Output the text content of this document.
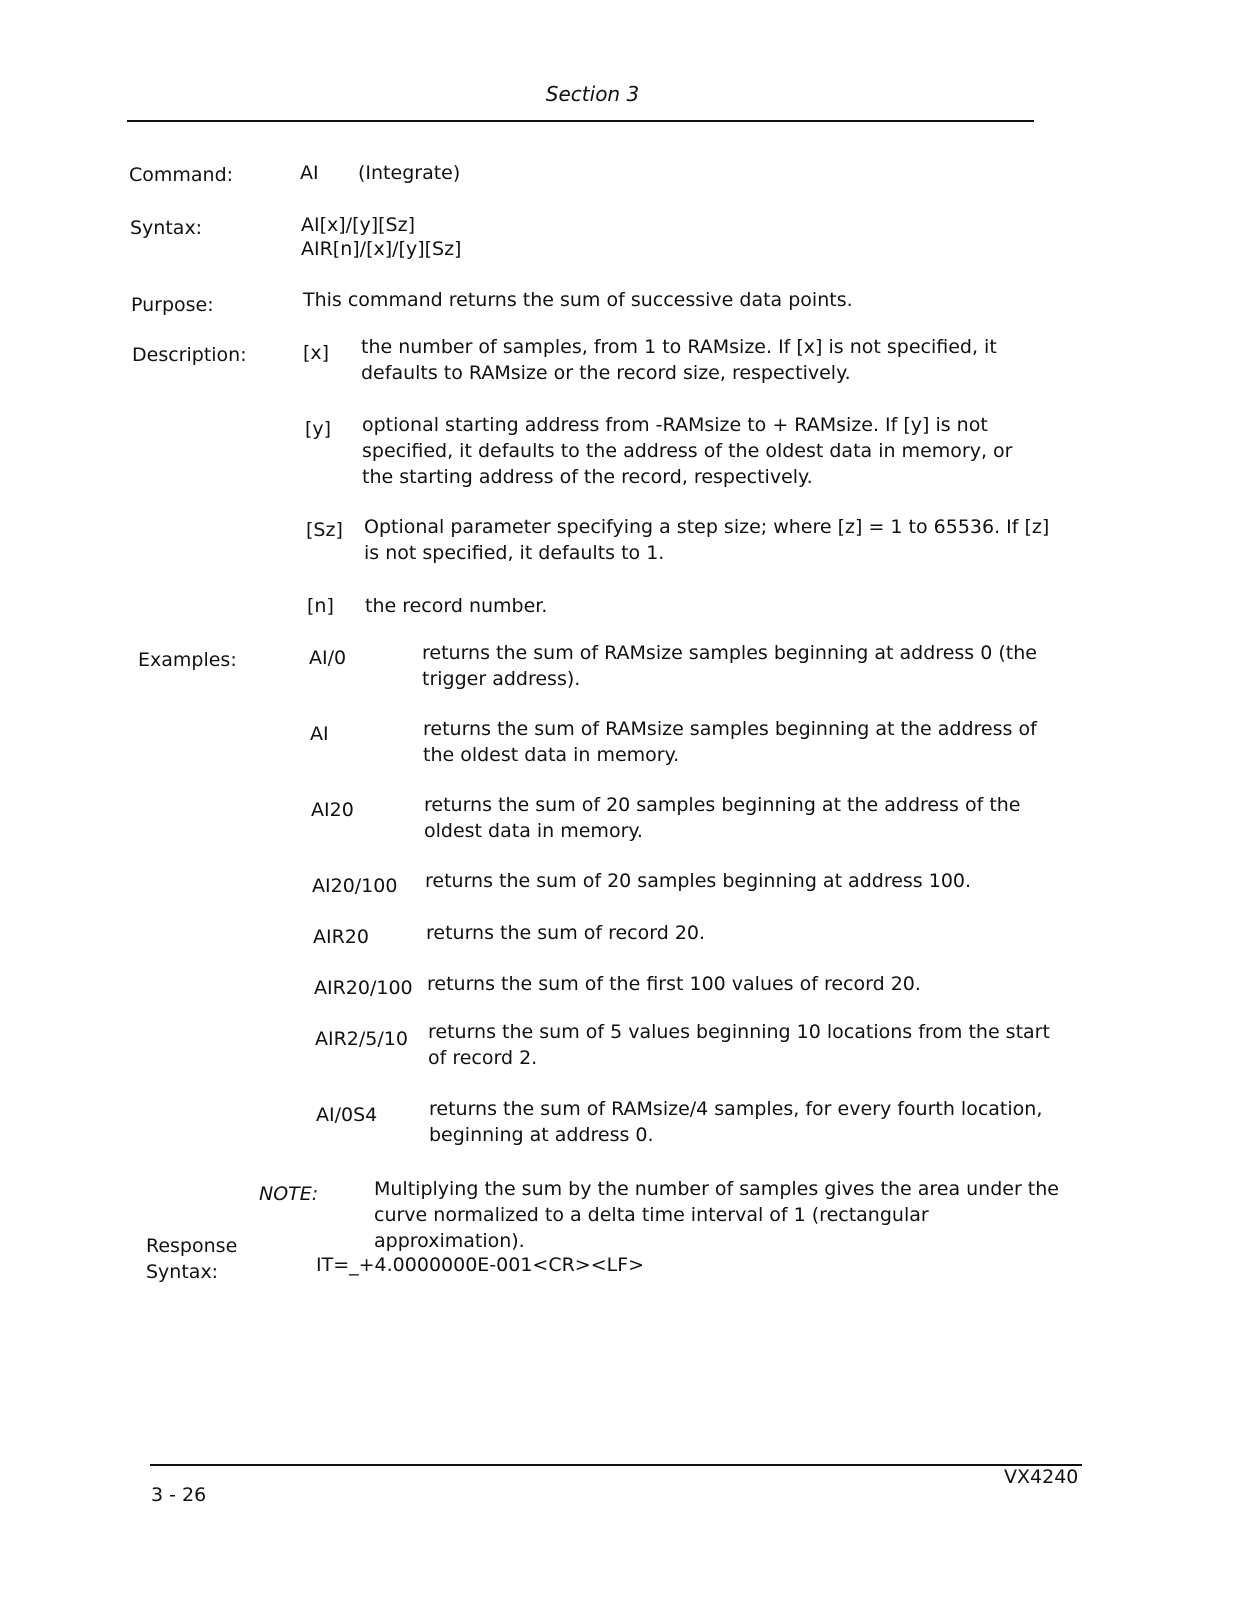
Section 3
Command:	AI (Integrate)
Syntax:	AI[x]/[y][Sz]
AIR[n]/[x]/[y][Sz]
Purpose:	This command returns the sum of successive data points.
Description:	[x] the number of samples, from 1 to RAMsize. If [x] is not specified, it defaults to RAMsize or the record size, respectively.
[y] optional starting address from -RAMsize to + RAMsize. If [y] is not specified, it defaults to the address of the oldest data in memory, or the starting address of the record, respectively.
[Sz] Optional parameter specifying a step size; where [z] = 1 to 65536. If [z] is not specified, it defaults to 1.
[n] the record number.
Examples:	AI/0	returns the sum of RAMsize samples beginning at address 0 (the trigger address).
AI	returns the sum of RAMsize samples beginning at the address of the oldest data in memory.
AI20	returns the sum of 20 samples beginning at the address of the oldest data in memory.
AI20/100 returns the sum of 20 samples beginning at address 100.
AIR20	returns the sum of record 20.
AIR20/100 returns the sum of the first 100 values of record 20.
AIR2/5/10 returns the sum of 5 values beginning 10 locations from the start of record 2.
AI/0S4	returns the sum of RAMsize/4 samples, for every fourth location, beginning at address 0.
NOTE:	Multiplying the sum by the number of samples gives the area under the curve normalized to a delta time interval of 1 (rectangular approximation).
Response
Syntax:	IT=_+4.0000000E-001<CR><LF>
3 - 26
VX4240
